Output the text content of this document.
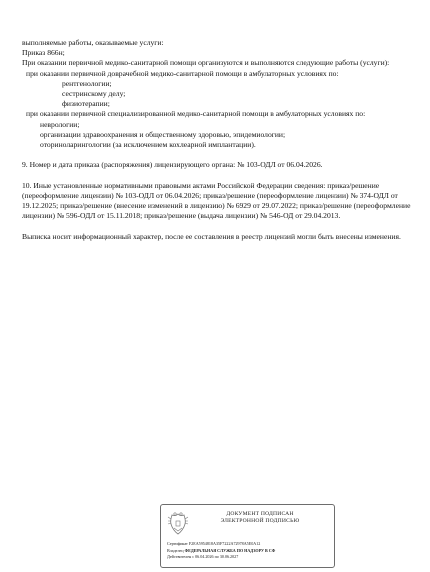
выполняемые работы, оказываемые услуги:

Приказ 866н;

При оказании первичной медико-санитарной помощи организуются и выполняются следующие работы (услуги):

при оказании первичной доврачебной медико-санитарной помощи в амбулаторных условиях по:

рентгенологии;

сестринскому делу;

физиотерапии;

при оказании первичной специализированной медико-санитарной помощи в амбулаторных условиях по:

неврологии;

организации здравоохранения и общественному здоровью, эпидемиологии;

оториноларингологии (за исключением кохлеарной имплантации).

9. Номер и дата приказа (распоряжения) лицензирующего органа: № 103-ОДЛ от 06.04.2026.

10. Иные установленные нормативными правовыми актами Российской Федерации сведения: приказ/решение (переоформление лицензии) № 103-ОДЛ от 06.04.2026; приказ/решение (переоформление лицензии) № 374-ОДЛ от 19.12.2025; приказ/решение (внесение изменений в лицензию) № 6929 от 29.07.2022; приказ/решение (переоформление лицензии) № 596-ОДЛ от 15.11.2018; приказ/решение (выдача лицензии) № 546-ОД от 29.04.2013.

Выписка носит информационный характер, после ее составления в реестр лицензий могли быть внесены изменения.

ДОКУМЕНТ ПОДПИСАН
ЭЛЕКТРОННОЙ ПОДПИСЬЮ
Сертификат F2EA5954818A35F7222A72978A5E0A12
Владелец ФЕДЕРАЛЬНАЯ СЛУЖБА ПО НАДЗОРУ В СФ
Действителен с 06.04.2026 по 30.06.2027
